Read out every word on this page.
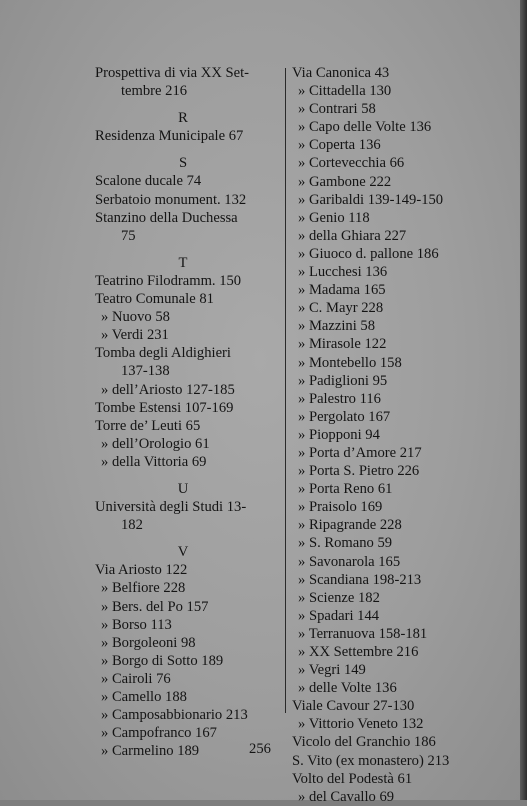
Prospettiva di via XX Set-
tembre 216
R
Residenza Municipale 67
S
Scalone ducale 74
Serbatoio monument. 132
Stanzino della Duchessa
75
T
Teatrino Filodramm. 150
Teatro Comunale 81
» Nuovo 58
» Verdi 231
Tomba degli Aldighieri
137-138
» dell’Ariosto 127-185
Tombe Estensi 107-169
Torre de’ Leuti 65
» dell’Orologio 61
» della Vittoria 69
U
Università degli Studi 13-
182
V
Via Ariosto 122
» Belfiore 228
» Bers. del Po 157
» Borso 113
» Borgoleoni 98
» Borgo di Sotto 189
» Cairoli 76
» Camello 188
» Camposabbionario 213
» Campofranco 167
» Carmelino 189
Via Canonica 43
» Cittadella 130
» Contrari 58
» Capo delle Volte 136
» Coperta 136
» Cortevecchia 66
» Gambone 222
» Garibaldi 139-149-150
» Genio 118
» della Ghiara 227
» Giuoco d. pallone 186
» Lucchesi 136
» Madama 165
» C. Mayr 228
» Mazzini 58
» Mirasole 122
» Montebello 158
» Padiglioni 95
» Palestro 116
» Pergolato 167
» Piopponi 94
» Porta d’Amore 217
» Porta S. Pietro 226
» Porta Reno 61
» Praisolo 169
» Ripagrande 228
» S. Romano 59
» Savonarola 165
» Scandiana 198-213
» Scienze 182
» Spadari 144
» Terranuova 158-181
» XX Settembre 216
» Vegri 149
» delle Volte 136
Viale Cavour 27-130
» Vittorio Veneto 132
Vicolo del Granchio 186
S. Vito (ex monastero) 213
Volto del Podestà 61
» del Cavallo 69
256
